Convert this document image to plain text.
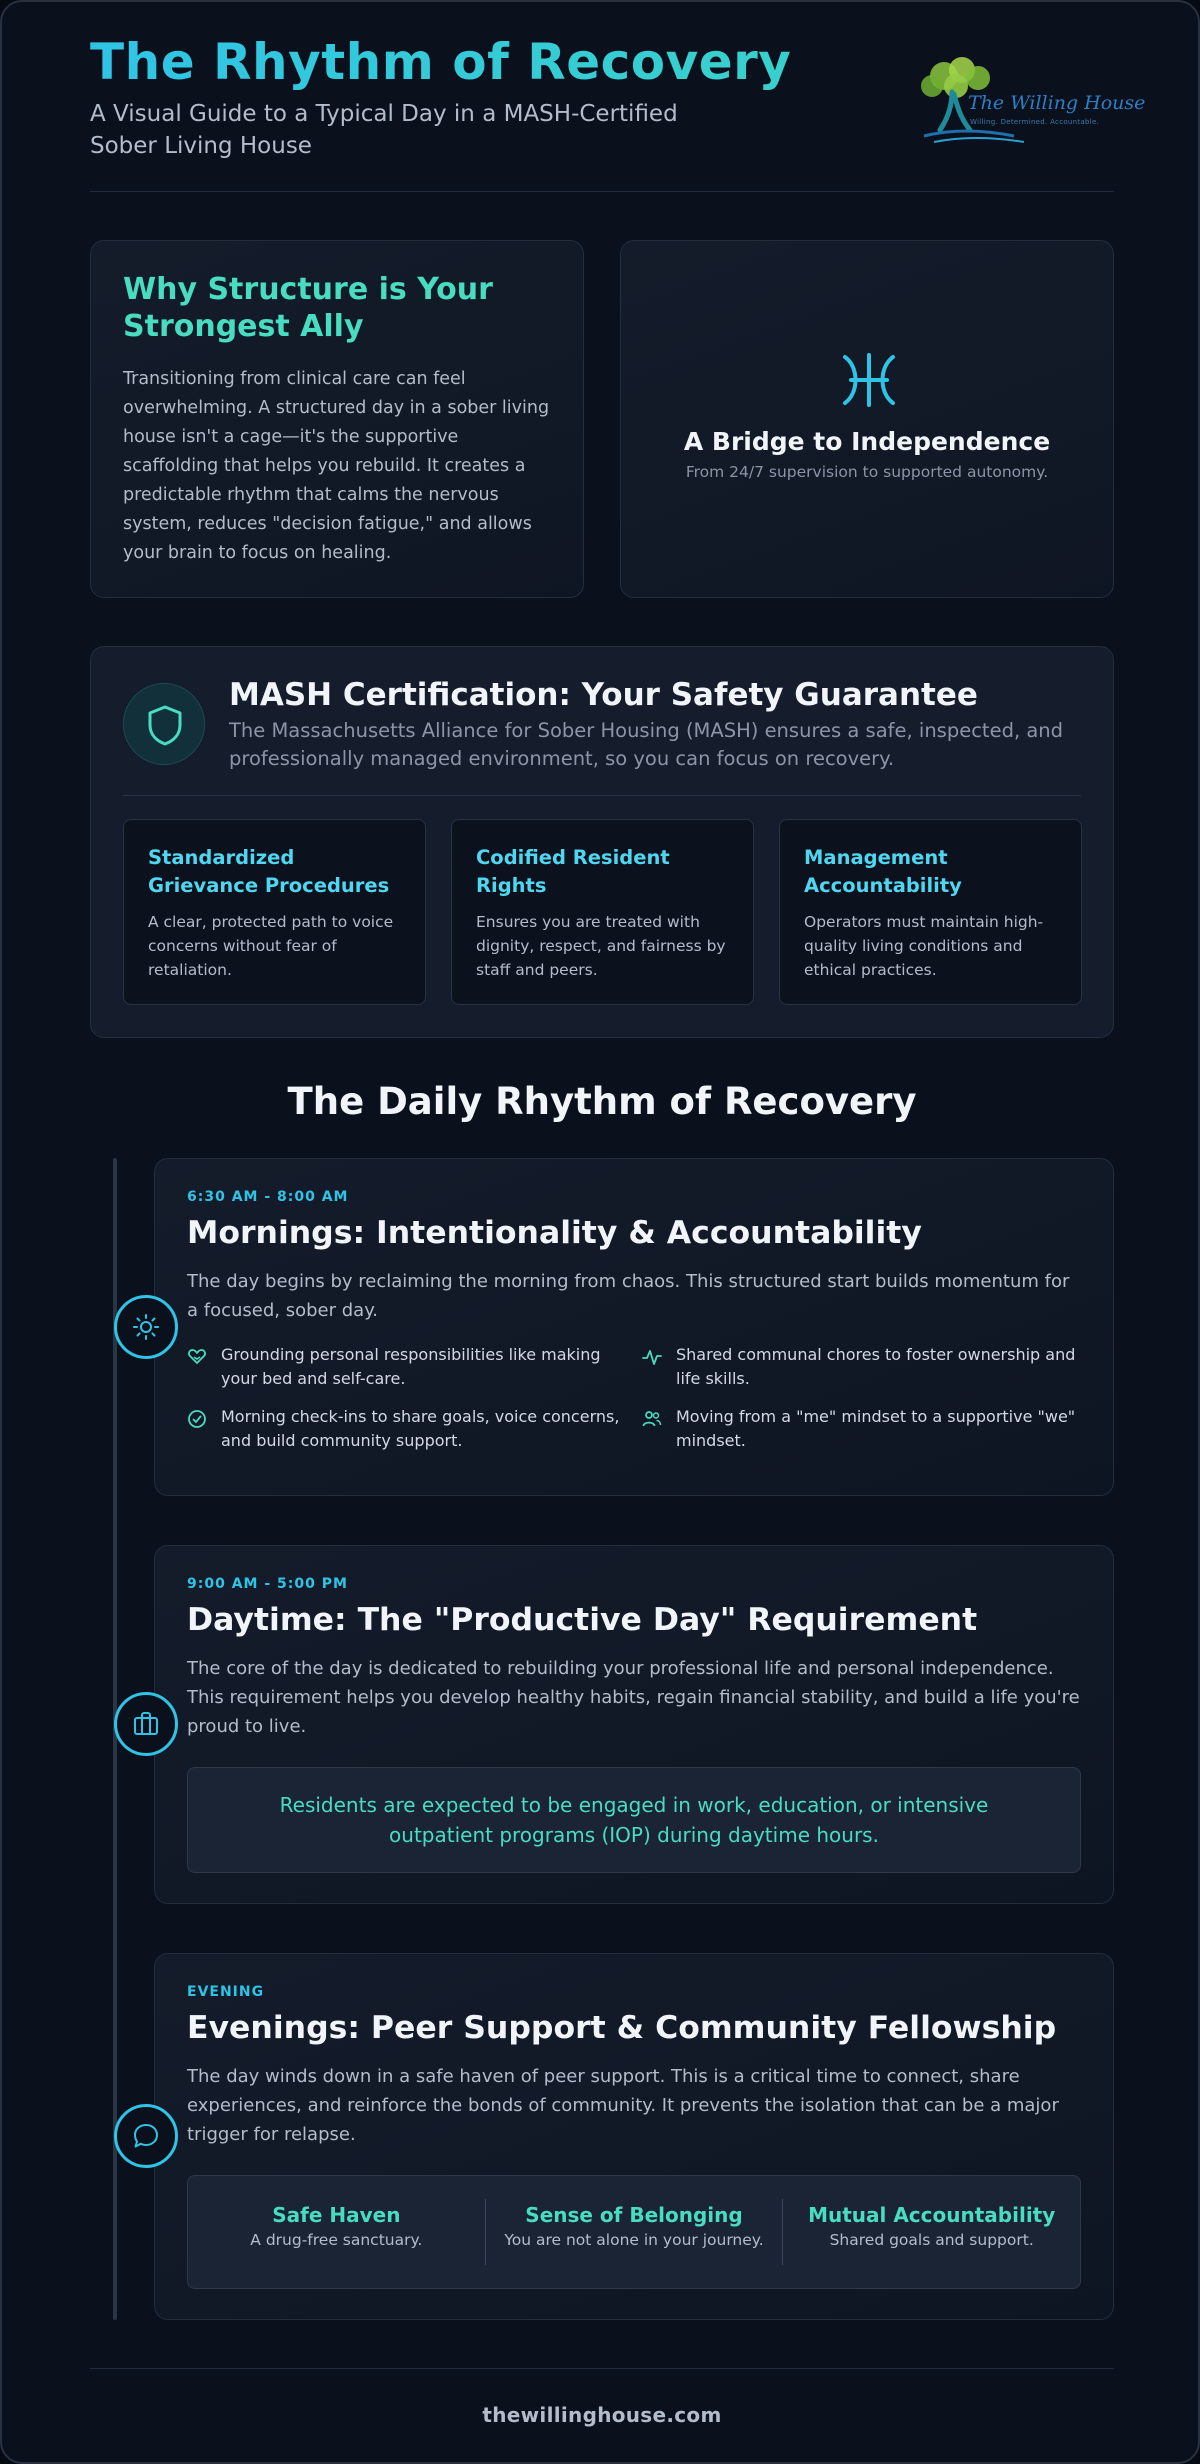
The Rhythm of Recovery
A Visual Guide to a Typical Day in a MASH-Certified Sober Living House
The Willing House
Willing. Determined. Accountable.
Why Structure is Your Strongest Ally

Transitioning from clinical care can feel overwhelming. A structured day in a sober living house isn't a cage—it's the supportive scaffolding that helps you rebuild. It creates a predictable rhythm that calms the nervous system, reduces "decision fatigue," and allows your brain to focus on healing.

A Bridge to Independence

From 24/7 supervision to supported autonomy.

MASH Certification: Your Safety Guarantee
The Massachusetts Alliance for Sober Housing (MASH) ensures a safe, inspected, and professionally managed environment, so you can focus on recovery.
Standardized Grievance Procedures

A clear, protected path to voice concerns without fear of retaliation.

Codified Resident Rights

Ensures you are treated with dignity, respect, and fairness by staff and peers.

Management Accountability

Operators must maintain high-quality living conditions and ethical practices.

The Daily Rhythm of Recovery
6:30 AM - 8:00 AM
Mornings: Intentionality & Accountability

The day begins by reclaiming the morning from chaos. This structured start builds momentum for a focused, sober day.

Grounding personal responsibilities like making your bed and self-care.
Shared communal chores to foster ownership and life skills.
Morning check-ins to share goals, voice concerns, and build community support.
Moving from a "me" mindset to a supportive "we" mindset.
9:00 AM - 5:00 PM
Daytime: The "Productive Day" Requirement

The core of the day is dedicated to rebuilding your professional life and personal independence. This requirement helps you develop healthy habits, regain financial stability, and build a life you're proud to live.

Residents are expected to be engaged in work, education, or intensive outpatient programs (IOP) during daytime hours.
EVENING
Evenings: Peer Support & Community Fellowship

The day winds down in a safe haven of peer support. This is a critical time to connect, share experiences, and reinforce the bonds of community. It prevents the isolation that can be a major trigger for relapse.

Safe Haven
A drug-free sanctuary.
Sense of Belonging
You are not alone in your journey.
Mutual Accountability
Shared goals and support.
thewillinghouse.com
